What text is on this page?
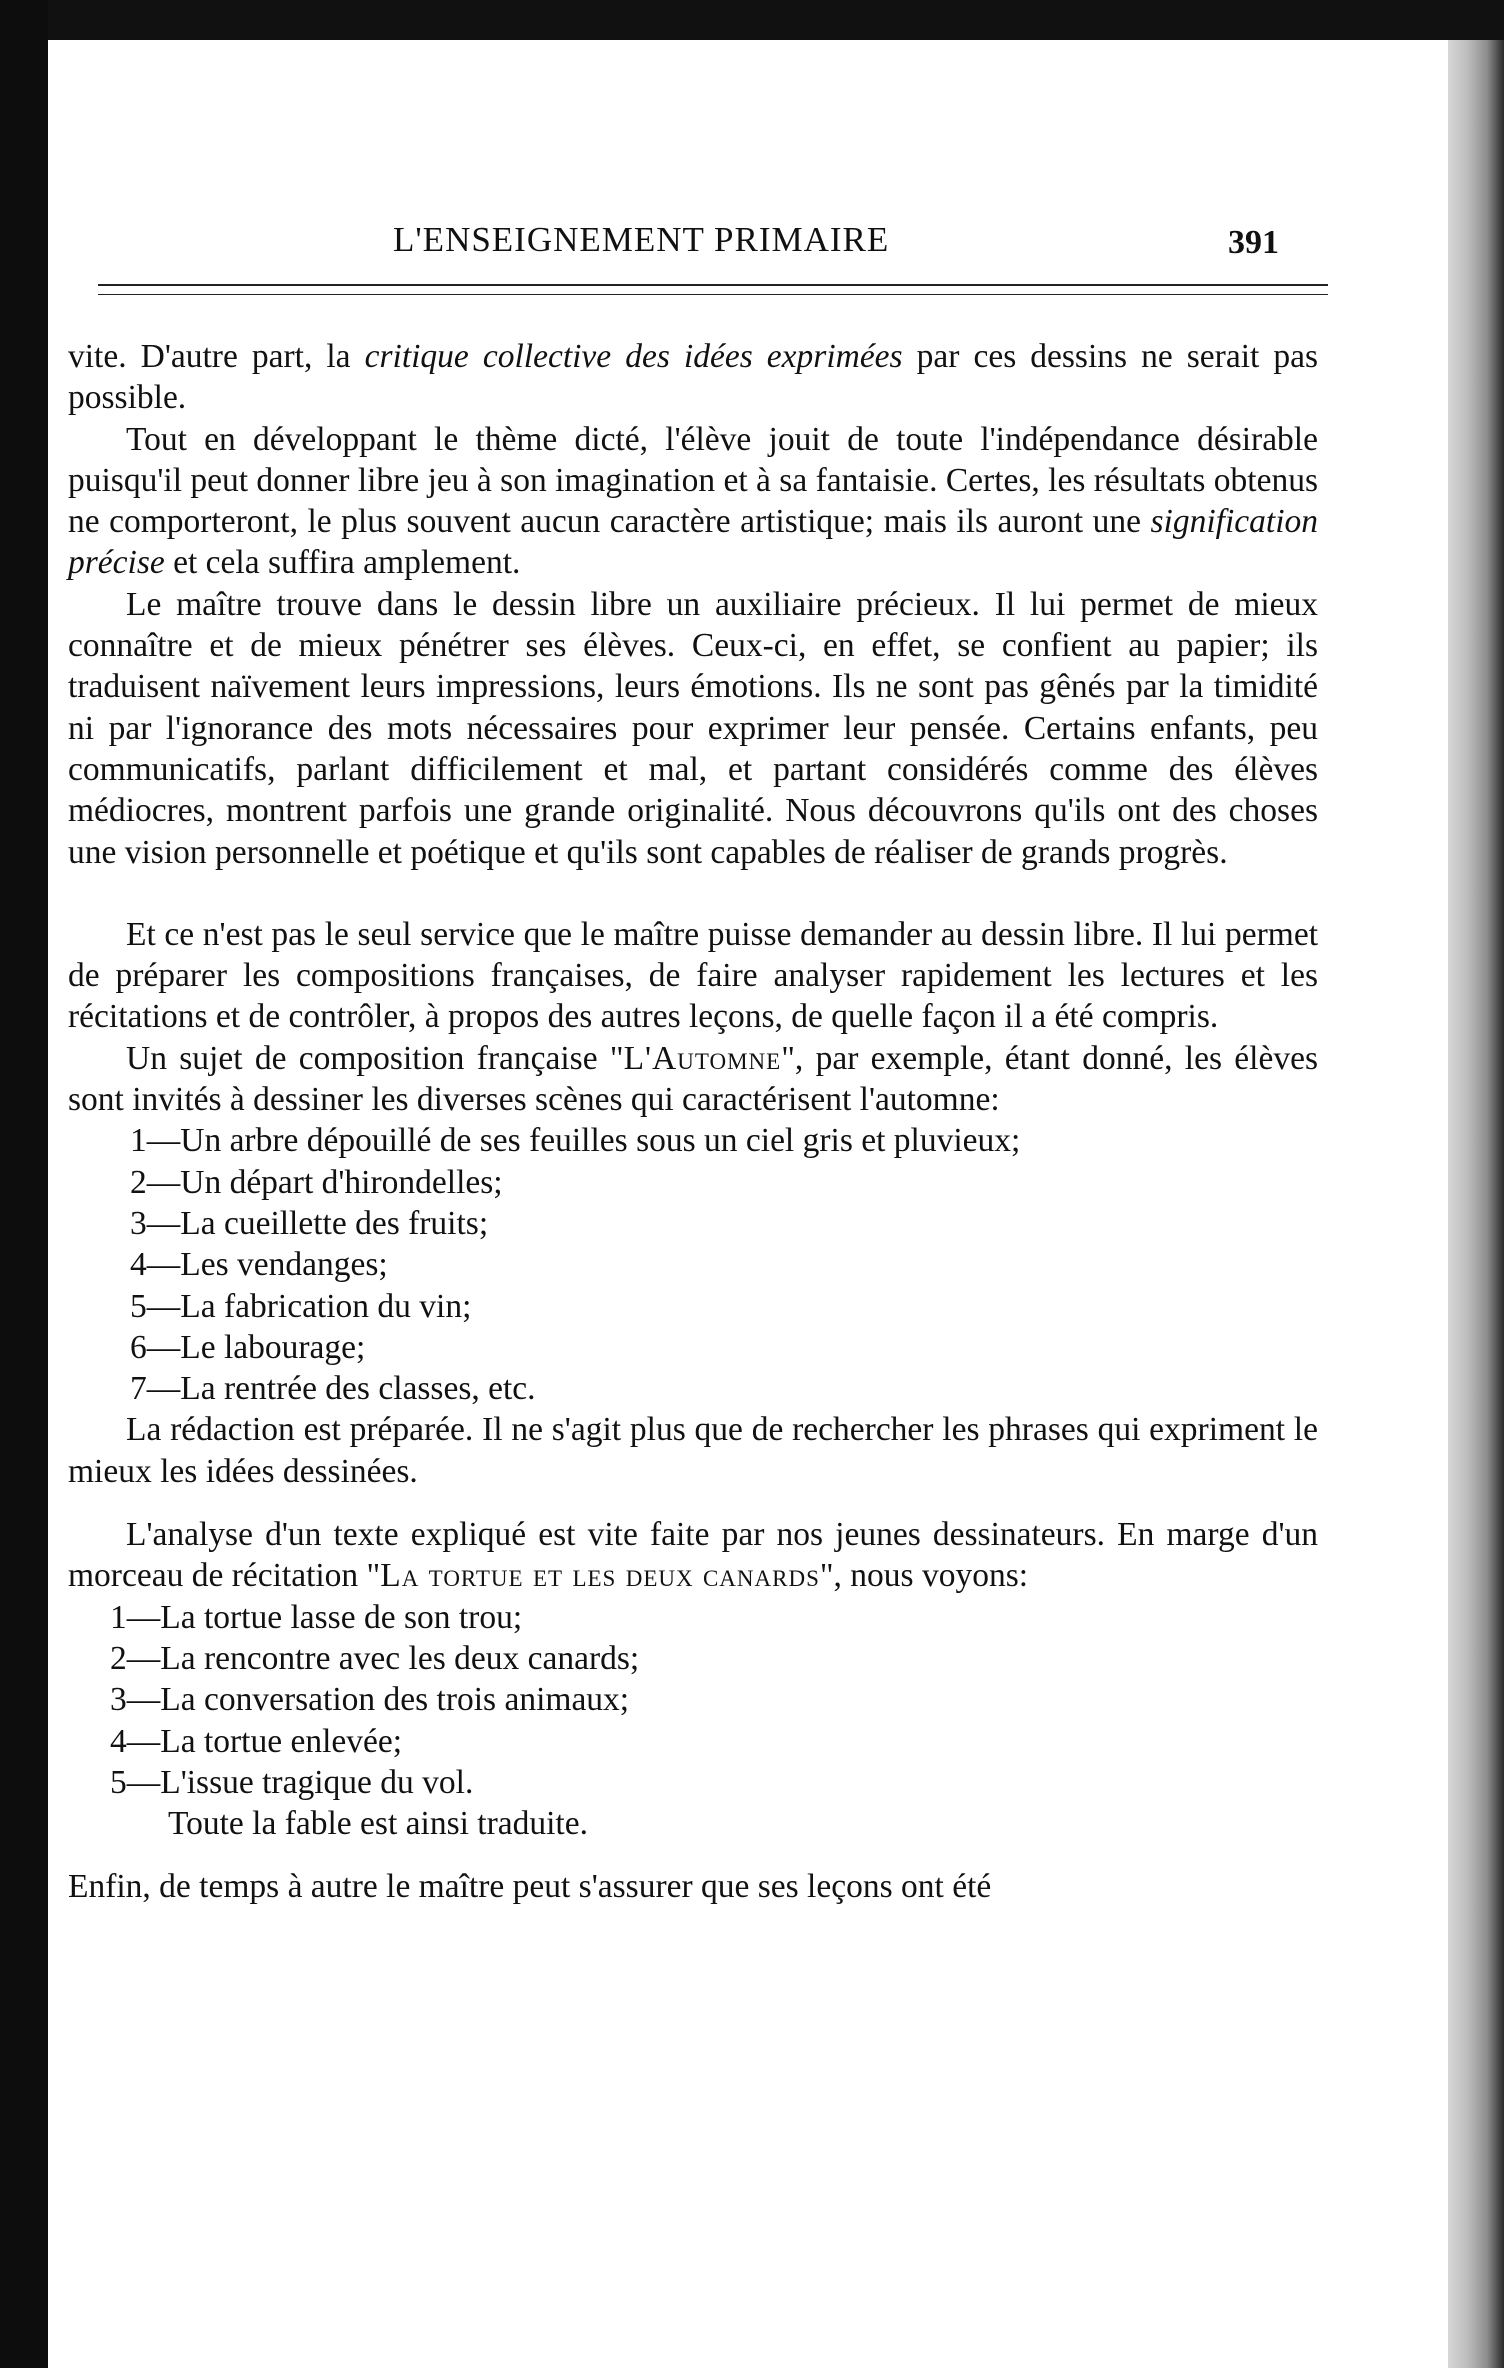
L'ENSEIGNEMENT PRIMAIRE	391

vite. D'autre part, la critique collective des idées exprimées par ces dessins ne serait pas possible.

Tout en développant le thème dicté, l'élève jouit de toute l'indépendance désirable puisqu'il peut donner libre jeu à son imagination et à sa fantaisie. Certes, les résultats obtenus ne comporteront, le plus souvent aucun caractère artistique; mais ils auront une signification précise et cela suffira amplement.

Le maître trouve dans le dessin libre un auxiliaire précieux. Il lui permet de mieux connaître et de mieux pénétrer ses élèves. Ceux-ci, en effet, se confient au papier; ils traduisent naïvement leurs impressions, leurs émotions. Ils ne sont pas gênés par la timidité ni par l'ignorance des mots nécessaires pour exprimer leur pensée. Certains enfants, peu communicatifs, parlant difficilement et mal, et partant considérés comme des élèves médiocres, montrent parfois une grande originalité. Nous découvrons qu'ils ont des choses une vision personnelle et poétique et qu'ils sont capables de réaliser de grands progrès.

Et ce n'est pas le seul service que le maître puisse demander au dessin libre. Il lui permet de préparer les compositions françaises, de faire analyser rapidement les lectures et les récitations et de contrôler, à propos des autres leçons, de quelle façon il a été compris.

Un sujet de composition française "L'Automne", par exemple, étant donné, les élèves sont invités à dessiner les diverses scènes qui caractérisent l'automne:

1—Un arbre dépouillé de ses feuilles sous un ciel gris et pluvieux;
2—Un départ d'hirondelles;
3—La cueillette des fruits;
4—Les vendanges;
5—La fabrication du vin;
6—Le labourage;
7—La rentrée des classes, etc.

La rédaction est préparée. Il ne s'agit plus que de rechercher les phrases qui expriment le mieux les idées dessinées.

L'analyse d'un texte expliqué est vite faite par nos jeunes dessinateurs. En marge d'un morceau de récitation "La tortue et les deux canards", nous voyons:

1—La tortue lasse de son trou;
2—La rencontre avec les deux canards;
3—La conversation des trois animaux;
4—La tortue enlevée;
5—L'issue tragique du vol.

Toute la fable est ainsi traduite.

Enfin, de temps à autre le maître peut s'assurer que ses leçons ont été
